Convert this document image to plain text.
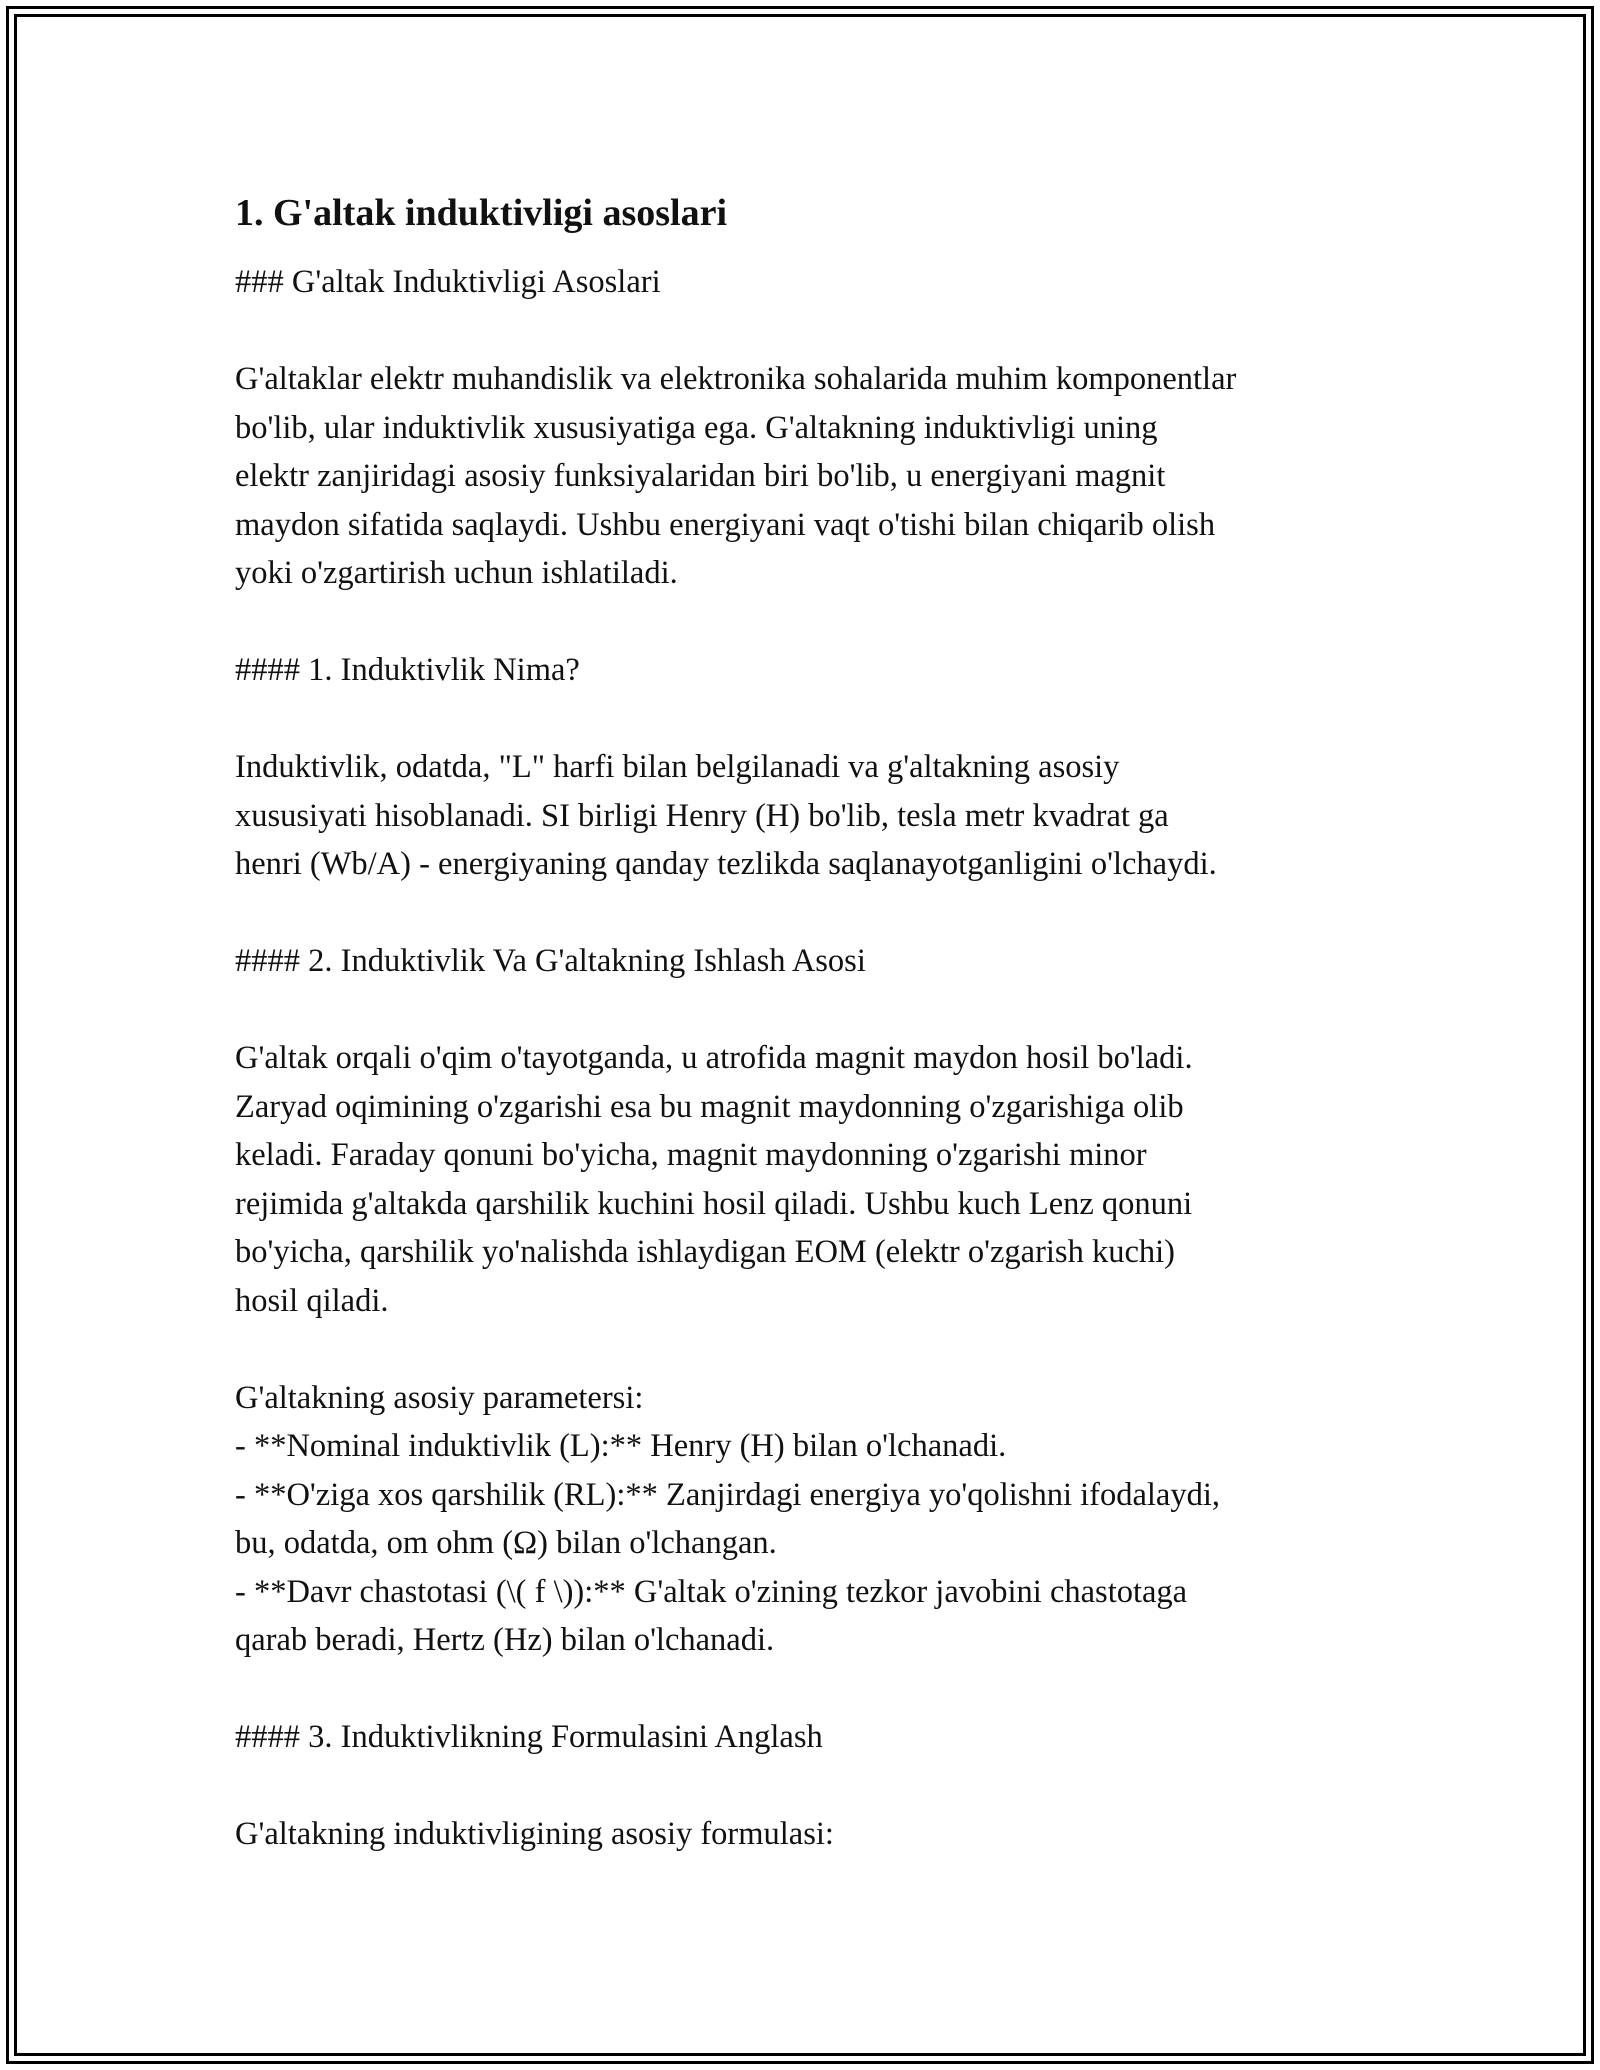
1. G'altak induktivligi asoslari

### G'altak Induktivligi Asoslari

G'altaklar elektr muhandislik va elektronika sohalarida muhim komponentlar

bo'lib, ular induktivlik xususiyatiga ega. G'altakning induktivligi uning

elektr zanjiridagi asosiy funksiyalaridan biri bo'lib, u energiyani magnit

maydon sifatida saqlaydi. Ushbu energiyani vaqt o'tishi bilan chiqarib olish

yoki o'zgartirish uchun ishlatiladi.

#### 1. Induktivlik Nima?

Induktivlik, odatda, "L" harfi bilan belgilanadi va g'altakning asosiy

xususiyati hisoblanadi. SI birligi Henry (H) bo'lib, tesla metr kvadrat ga

henri (Wb/A) - energiyaning qanday tezlikda saqlanayotganligini o'lchaydi.

#### 2. Induktivlik Va G'altakning Ishlash Asosi

G'altak orqali o'qim o'tayotganda, u atrofida magnit maydon hosil bo'ladi.

Zaryad oqimining o'zgarishi esa bu magnit maydonning o'zgarishiga olib

keladi. Faraday qonuni bo'yicha, magnit maydonning o'zgarishi minor

rejimida g'altakda qarshilik kuchini hosil qiladi. Ushbu kuch Lenz qonuni

bo'yicha, qarshilik yo'nalishda ishlaydigan EOM (elektr o'zgarish kuchi)

hosil qiladi.

G'altakning asosiy parametersi:

- **Nominal induktivlik (L):** Henry (H) bilan o'lchanadi.

- **O'ziga xos qarshilik (RL):** Zanjirdagi energiya yo'qolishni ifodalaydi,

bu, odatda, om ohm (Ω) bilan o'lchangan.

- **Davr chastotasi (\( f \)):** G'altak o'zining tezkor javobini chastotaga

qarab beradi, Hertz (Hz) bilan o'lchanadi.

#### 3. Induktivlikning Formulasini Anglash

G'altakning induktivligining asosiy formulasi:
